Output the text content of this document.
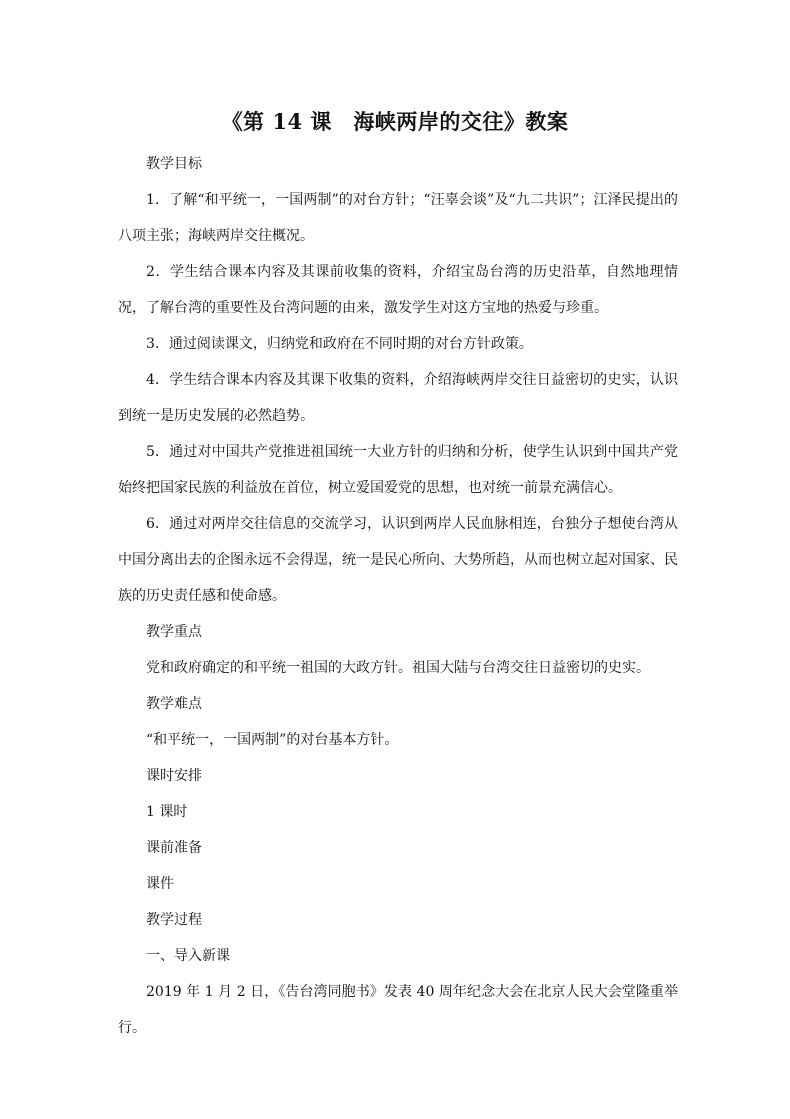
《第 14 课　海峡两岸的交往》教案

教学目标

1．了解“和平统一，一国两制”的对台方针；“汪辜会谈”及“九二共识”；江泽民提出的八项主张；海峡两岸交往概况。

2．学生结合课本内容及其课前收集的资料，介绍宝岛台湾的历史沿革，自然地理情况，了解台湾的重要性及台湾问题的由来，激发学生对这方宝地的热爱与珍重。

3．通过阅读课文，归纳党和政府在不同时期的对台方针政策。

4．学生结合课本内容及其课下收集的资料，介绍海峡两岸交往日益密切的史实，认识到统一是历史发展的必然趋势。

5．通过对中国共产党推进祖国统一大业方针的归纳和分析，使学生认识到中国共产党始终把国家民族的利益放在首位，树立爱国爱党的思想，也对统一前景充满信心。

6．通过对两岸交往信息的交流学习，认识到两岸人民血脉相连，台独分子想使台湾从中国分离出去的企图永远不会得逞，统一是民心所向、大势所趋，从而也树立起对国家、民族的历史责任感和使命感。

教学重点

党和政府确定的和平统一祖国的大政方针。祖国大陆与台湾交往日益密切的史实。

教学难点

“和平统一，一国两制”的对台基本方针。

课时安排

1 课时

课前准备

课件

教学过程

一、导入新课

2019 年 1 月 2 日，《告台湾同胞书》发表 40 周年纪念大会在北京人民大会堂隆重举行。
